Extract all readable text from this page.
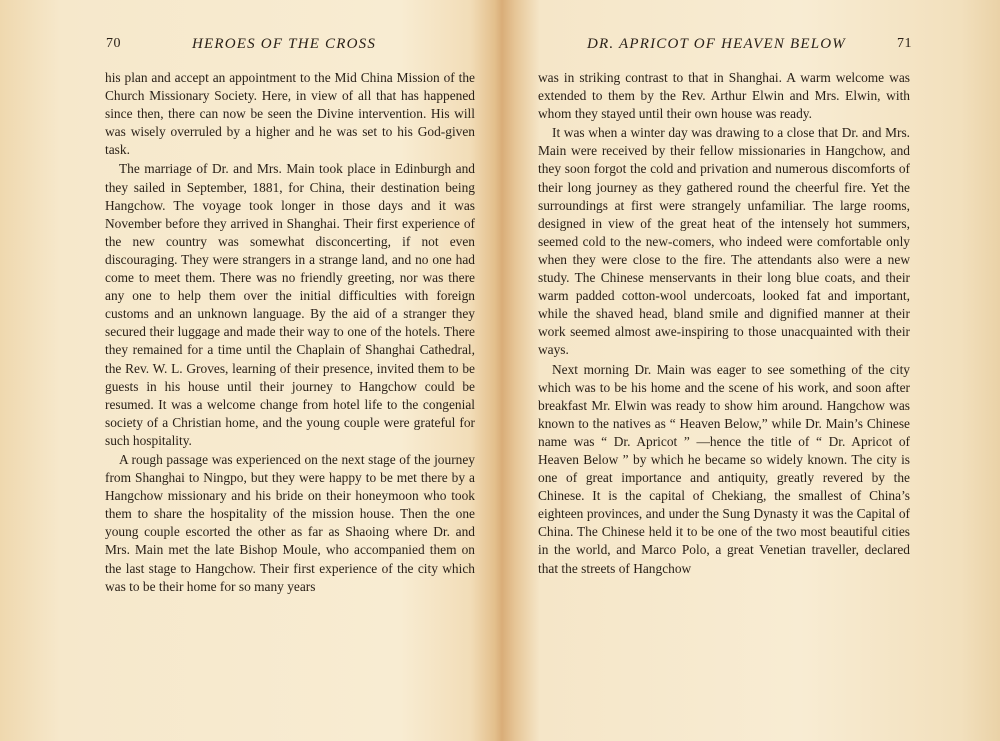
70	HEROES OF THE CROSS

his plan and accept an appointment to the Mid China Mission of the Church Missionary Society. Here, in view of all that has happened since then, there can now be seen the Divine intervention. His will was wisely overruled by a higher and he was set to his God-given task.

The marriage of Dr. and Mrs. Main took place in Edinburgh and they sailed in September, 1881, for China, their destination being Hangchow. The voyage took longer in those days and it was November before they arrived in Shanghai. Their first experience of the new country was somewhat disconcerting, if not even discouraging. They were strangers in a strange land, and no one had come to meet them. There was no friendly greeting, nor was there any one to help them over the initial difficulties with foreign customs and an unknown language. By the aid of a stranger they secured their luggage and made their way to one of the hotels. There they remained for a time until the Chaplain of Shanghai Cathedral, the Rev. W. L. Groves, learning of their presence, invited them to be guests in his house until their journey to Hangchow could be resumed. It was a welcome change from hotel life to the congenial society of a Christian home, and the young couple were grateful for such hospitality.

A rough passage was experienced on the next stage of the journey from Shanghai to Ningpo, but they were happy to be met there by a Hangchow missionary and his bride on their honeymoon who took them to share the hospitality of the mission house. Then the one young couple escorted the other as far as Shaoing where Dr. and Mrs. Main met the late Bishop Moule, who accompanied them on the last stage to Hangchow. Their first experience of the city which was to be their home for so many years

DR. APRICOT OF HEAVEN BELOW	71

was in striking contrast to that in Shanghai. A warm welcome was extended to them by the Rev. Arthur Elwin and Mrs. Elwin, with whom they stayed until their own house was ready.

It was when a winter day was drawing to a close that Dr. and Mrs. Main were received by their fellow missionaries in Hangchow, and they soon forgot the cold and privation and numerous discomforts of their long journey as they gathered round the cheerful fire. Yet the surroundings at first were strangely unfamiliar. The large rooms, designed in view of the great heat of the intensely hot summers, seemed cold to the new-comers, who indeed were comfortable only when they were close to the fire. The attendants also were a new study. The Chinese menservants in their long blue coats, and their warm padded cotton-wool undercoats, looked fat and important, while the shaved head, bland smile and dignified manner at their work seemed almost awe-inspiring to those unacquainted with their ways.

Next morning Dr. Main was eager to see something of the city which was to be his home and the scene of his work, and soon after breakfast Mr. Elwin was ready to show him around. Hangchow was known to the natives as “ Heaven Below,” while Dr. Main’s Chinese name was “ Dr. Apricot ” —hence the title of “ Dr. Apricot of Heaven Below ” by which he became so widely known. The city is one of great importance and antiquity, greatly revered by the Chinese. It is the capital of Chekiang, the smallest of China’s eighteen provinces, and under the Sung Dynasty it was the Capital of China. The Chinese held it to be one of the two most beautiful cities in the world, and Marco Polo, a great Venetian traveller, declared that the streets of Hangchow
